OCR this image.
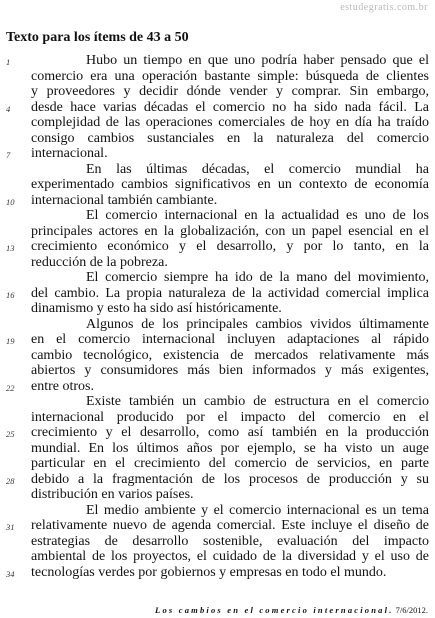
estudegratis.com.br
Texto para los ítems de 43 a 50
1	Hubo un tiempo en que uno podría haber pensado que el
comercio era una operación bastante simple: búsqueda de clientes
y proveedores y decidir dónde vender y comprar. Sin embargo,
4	desde hace varias décadas el comercio no ha sido nada fácil. La
complejidad de las operaciones comerciales de hoy en día ha traído
consigo cambios sustanciales en la naturaleza del comercio
7	internacional.
En las últimas décadas, el comercio mundial ha
experimentado cambios significativos en un contexto de economía
10	internacional también cambiante.
El comercio internacional en la actualidad es uno de los
principales actores en la globalización, con un papel esencial en el
13	crecimiento económico y el desarrollo, y por lo tanto, en la
reducción de la pobreza.
El comercio siempre ha ido de la mano del movimiento,
16	del cambio. La propia naturaleza de la actividad comercial implica
dinamismo y esto ha sido así históricamente.
Algunos de los principales cambios vividos últimamente
19	en el comercio internacional incluyen adaptaciones al rápido
cambio tecnológico, existencia de mercados relativamente más
abiertos y consumidores más bien informados y más exigentes,
22	entre otros.
Existe también un cambio de estructura en el comercio
internacional producido por el impacto del comercio en el
25	crecimiento y el desarrollo, como así también en la producción
mundial. En los últimos años por ejemplo, se ha visto un auge
particular en el crecimiento del comercio de servicios, en parte
28	debido a la fragmentación de los procesos de producción y su
distribución en varios países.
El medio ambiente y el comercio internacional es un tema
31	relativamente nuevo de agenda comercial. Este incluye el diseño de
estrategias de desarrollo sostenible, evaluación del impacto
ambiental de los proyectos, el cuidado de la diversidad y el uso de
34	tecnologías verdes por gobiernos y empresas en todo el mundo.
Los cambios en el comercio internacional. 7/6/2012.
